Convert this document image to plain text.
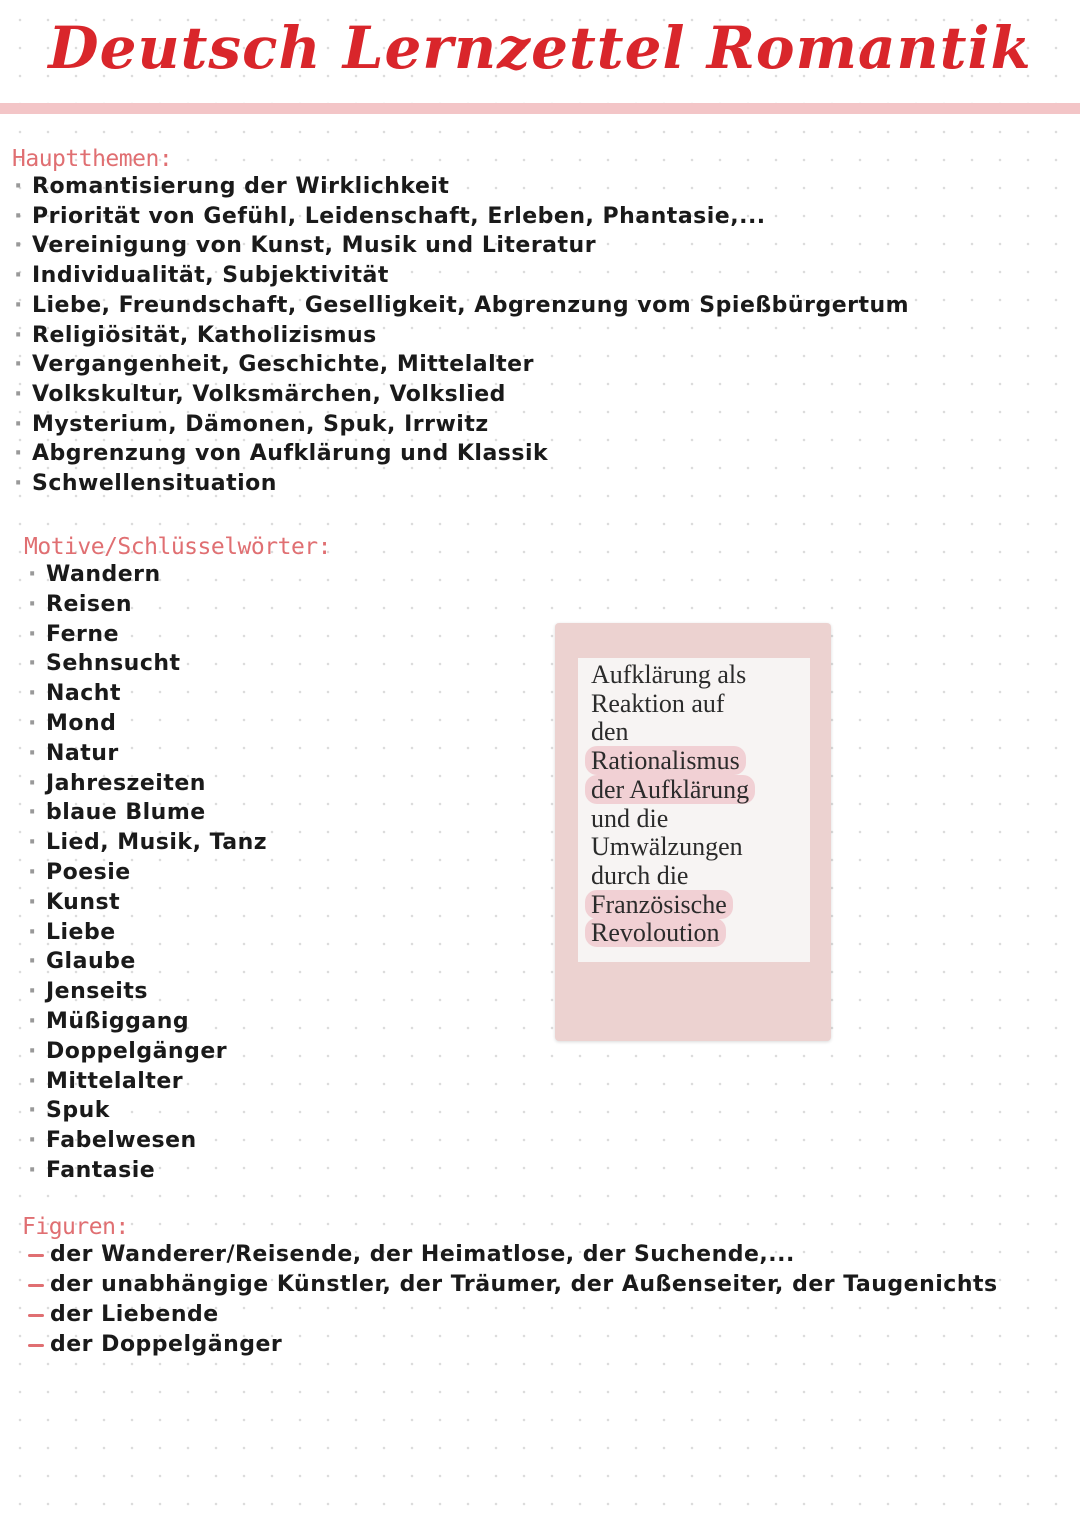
Deutsch Lernzettel Romantik
Hauptthemen:
· Romantisierung der Wirklichkeit
· Priorität von Gefühl, Leidenschaft, Erleben, Phantasie,...
· Vereinigung von Kunst, Musik und Literatur
· Individualität, Subjektivität
· Liebe, Freundschaft, Geselligkeit, Abgrenzung vom Spießbürgertum
· Religiösität, Katholizismus
· Vergangenheit, Geschichte, Mittelalter
· Volkskultur, Volksmärchen, Volkslied
· Mysterium, Dämonen, Spuk, Irrwitz
· Abgrenzung von Aufklärung und Klassik
· Schwellensituation
Motive/Schlüsselwörter:
· Wandern
· Reisen
· Ferne
· Sehnsucht
· Nacht
· Mond
· Natur
· Jahreszeiten
· blaue Blume
· Lied, Musik, Tanz
· Poesie
· Kunst
· Liebe
· Glaube
· Jenseits
· Müßiggang
· Doppelgänger
· Mittelalter
· Spuk
· Fabelwesen
· Fantasie
Aufklärung als
Reaktion auf
den
Rationalismus
der Aufklärung
und die
Umwälzungen
durch die
Französische
Revoloution
Figuren:
der Wanderer/Reisende, der Heimatlose, der Suchende,...
der unabhängige Künstler, der Träumer, der Außenseiter, der Taugenichts
der Liebende
der Doppelgänger
